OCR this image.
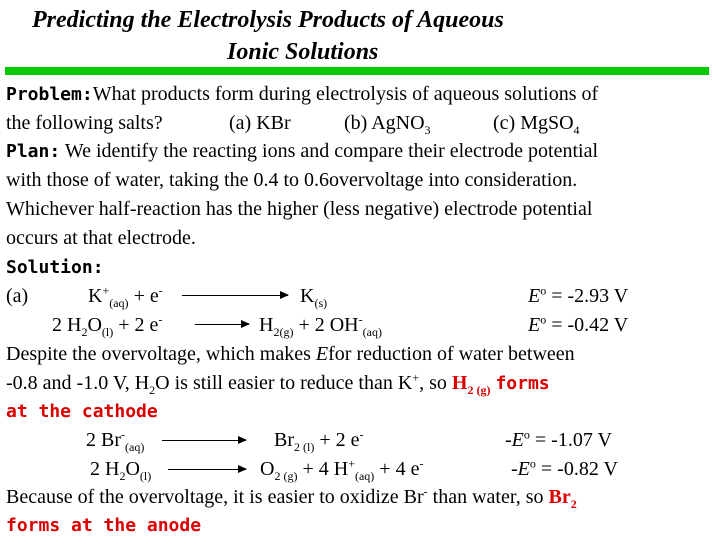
Predicting the Electrolysis Products of Aqueous
Ionic Solutions
Problem:What products form during electrolysis of aqueous solutions of
the following salts?	(a) KBr	(b) AgNO$_3$	(c) MgSO$_4$
Plan: We identify the reacting ions and compare their electrode potential
with those of water, taking the 0.4 to 0.6overvoltage into consideration.
Whichever half-reaction has the higher (less negative) electrode potential
occurs at that electrode.
Solution:
(a)	$K^+_{(aq)} + e^-$	$K_{(s)}$	$E^o = -2.93$ V
2 $H_2O_{(l)} + 2$ e-	$H_{2(g)} + 2$ $OH^-_{(aq)}$	$E^o = -0.42$ V
Despite the overvoltage, which makes Efor reduction of water between
-0.8 and -1.0 V, $H_2O$ is still easier to reduce than K+, so $H_{2 (g)}$ forms
at the cathode
2 $Br^-_{(aq)}$	$Br_{2 (l)} + 2$ e-	$-E^o = -1.07$ V
2 $H_2O_{(l)}$	$O_{2 (g)} + 4$ $H^+_{(aq)} + 4$ e-	$-E^o = -0.82$ V
Because of the overvoltage, it is easier to oxidize Br- than water, so $Br_2$
forms at the anode
